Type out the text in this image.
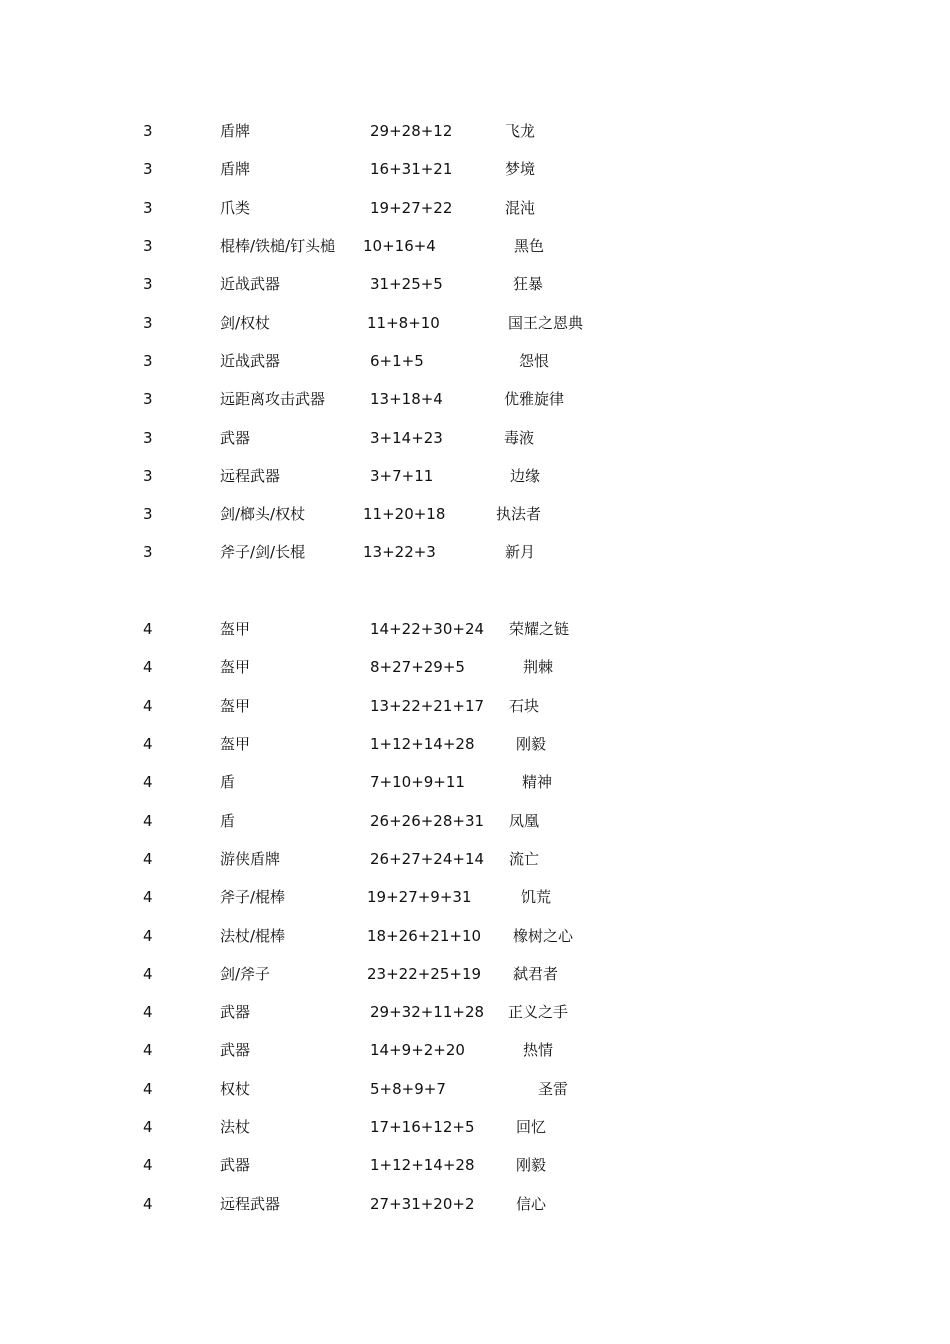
3	盾牌	29+28+12	飞龙
3	盾牌	16+31+21	梦境
3	爪类	19+27+22	混沌
3	棍棒/铁槌/钉头槌 10+16+4	黑色
3	近战武器	31+25+5	狂暴
3	剑/权杖	11+8+10	国王之恩典
3	近战武器	6+1+5	怨恨
3	远距离攻击武器	13+18+4	优雅旋律
3	武器	3+14+23	毒液
3	远程武器	3+7+11	边缘
3	剑/榔头/权杖	11+20+18	执法者
3	斧子/剑/长棍	13+22+3	新月
4	盔甲	14+22+30+24 荣耀之链
4	盔甲	8+27+29+5	荆棘
4	盔甲	13+22+21+17 石块
4	盔甲	1+12+14+28	刚毅
4	盾	7+10+9+11	精神
4	盾	26+26+28+31 凤凰
4	游侠盾牌	26+27+24+14 流亡
4	斧子/棍棒	19+27+9+31	饥荒
4	法杖/棍棒	18+26+21+10 橡树之心
4	剑/斧子	23+22+25+19 弑君者
4	武器	29+32+11+28 正义之手
4	武器	14+9+2+20	热情
4	权杖	5+8+9+7	圣雷
4	法杖	17+16+12+5	回忆
4	武器	1+12+14+28	刚毅
4	远程武器	27+31+20+2	信心
